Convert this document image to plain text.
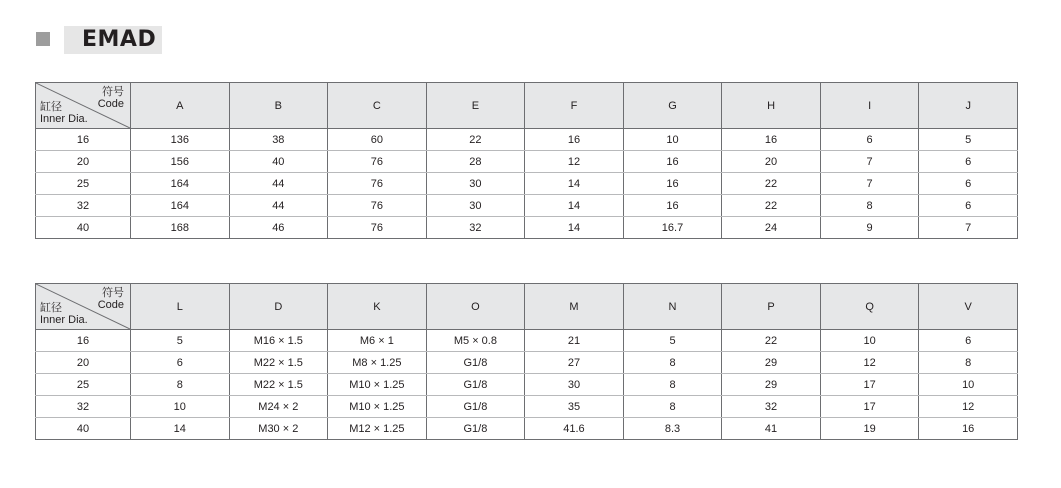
EMAD
符号
Code
缸径
Inner Dia.	A	B	C	E	F	G	H	I	J
16	136	38	60	22	16	10	16	6	5
20	156	40	76	28	12	16	20	7	6
25	164	44	76	30	14	16	22	7	6
32	164	44	76	30	14	16	22	8	6
40	168	46	76	32	14	16.7	24	9	7
符号
Code
缸径
Inner Dia.	L	D	K	O	M	N	P	Q	V
16	5	M16 × 1.5	M6 × 1	M5 × 0.8	21	5	22	10	6
20	6	M22 × 1.5	M8 × 1.25	G1/8	27	8	29	12	8
25	8	M22 × 1.5	M10 × 1.25	G1/8	30	8	29	17	10
32	10	M24 × 2	M10 × 1.25	G1/8	35	8	32	17	12
40	14	M30 × 2	M12 × 1.25	G1/8	41.6	8.3	41	19	16
